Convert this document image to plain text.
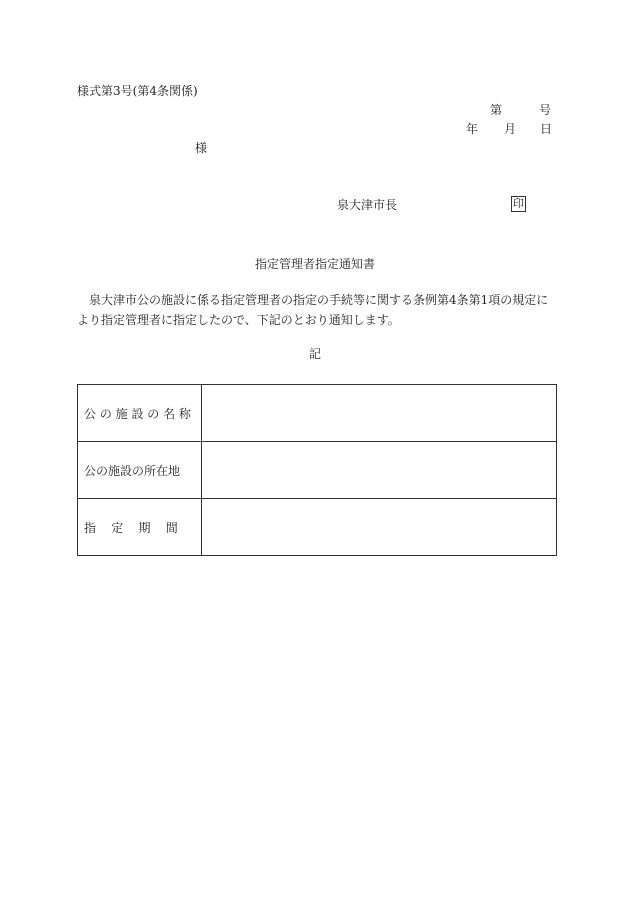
様式第3号(第4条関係)
第	号
年 月 日
様
泉大津市長	印
指定管理者指定通知書
泉大津市公の施設に係る指定管理者の指定の手続等に関する条例第4条第1項の規定により指定管理者に指定したので、下記のとおり通知します。
記
公 の 施 設 の 名 称	
公の施設の所在地	
指    定    期    間	
